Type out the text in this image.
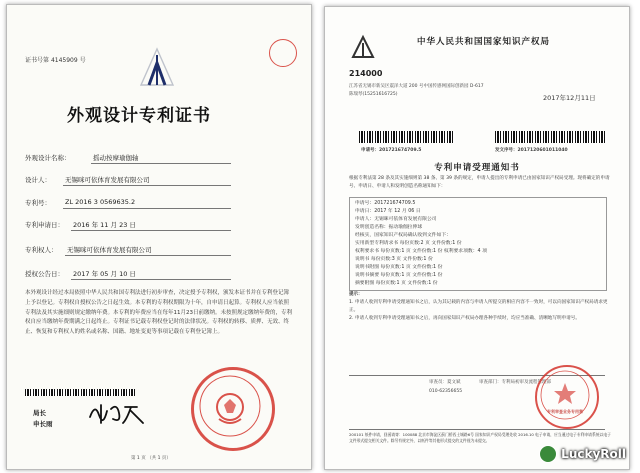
证书号第 4145909 号
外观设计专利证书
外观设计名称：	摇动按摩瑜伽轴
设计人： 无锡咪可依体育发展有限公司
专利号： ZL 2016 3 0569635.2
专利申请日： 2016 年 11 月 23 日
专利权人： 无锡咪可依体育发展有限公司
授权公告日： 2017 年 05 月 10 日
本外观设计经过本局依照中华人民共和国专利法进行初步审查，决定授予专利权，颁发本证书并在专利登记簿上予以登记。专利权自授权公告之日起生效。本专利的专利权期限为十年，自申请日起算。专利权人应当依照专利法及其实施细则规定缴纳年费。本专利的年费应当在每年11月23日前缴纳。未按照规定缴纳年费的，专利权自应当缴纳年费期满之日起终止。专利证书记载专利权登记时的法律状况。专利权的转移、质押、无效、终止、恢复和专利权人的姓名或名称、国籍、地址变更等事项记载在专利登记簿上。
局长
申长雨
第 1 页 （共 1 页）
中华人民共和国国家知识产权局
214000
江苏省无锡市新吴区震泽大道 200 号中国传感网国际创新园 D-617
陈瑞琴(15251616725)	2017年12月11日
申请号：201721674709.5	发文序号：2017120601011040
专利申请受理通知书
根据专利法第 28 条及其实施细则第 38 条、第 39 条的规定，申请人提出的专利申请已由国家知识产权局受理。现将确定的申请号、申请日、申请人和发明创造名称通知如下：
申请号：201721674709.5
申请日：2017 年 12 月 06 日
申请人：无锡咪可依体育发展有限公司
发明创造名称：振动瑜伽拉伸球
经核实，国家知识产权局确认收到文件如下：
实用新型专利请求书 每份页数:2 页 文件份数:1 份
权利要求书 每份页数:1 页 文件份数:1 份 权利要求项数：4 项
说明书 每份页数:3 页 文件份数:1 份
说明书附图 每份页数:1 页 文件份数:1 份
说明书摘要 每份页数:1 页 文件份数:1 份
摘要附图 每份页数:1 页 文件份数:1 份
提示：
1. 申请人收到专利申请受理通知书之后，认为其记载的内容与申请人所提交的相应内容不一致时，可以向国家知识产权局请求更正。
2. 申请人收到专利申请受理通知书之后，再向国家知识产权局办理各种手续时，均应当准确、清晰地写明申请号。
审查员：夏文斌	审查部门：专利局初审及流程管理部
010-62356655
专利审查业务专用章
200101 纸件申请，回函请寄：100088 北京市海淀区蓟门桥西土城路6号 国家知识产权局受理处收 2016.10 电子申请，应当通过电子专利申请系统以电子文件形式提交相关文件。除另有规定外，以纸件等其他形式提交的文件视为未提交。
LuckyRoll
